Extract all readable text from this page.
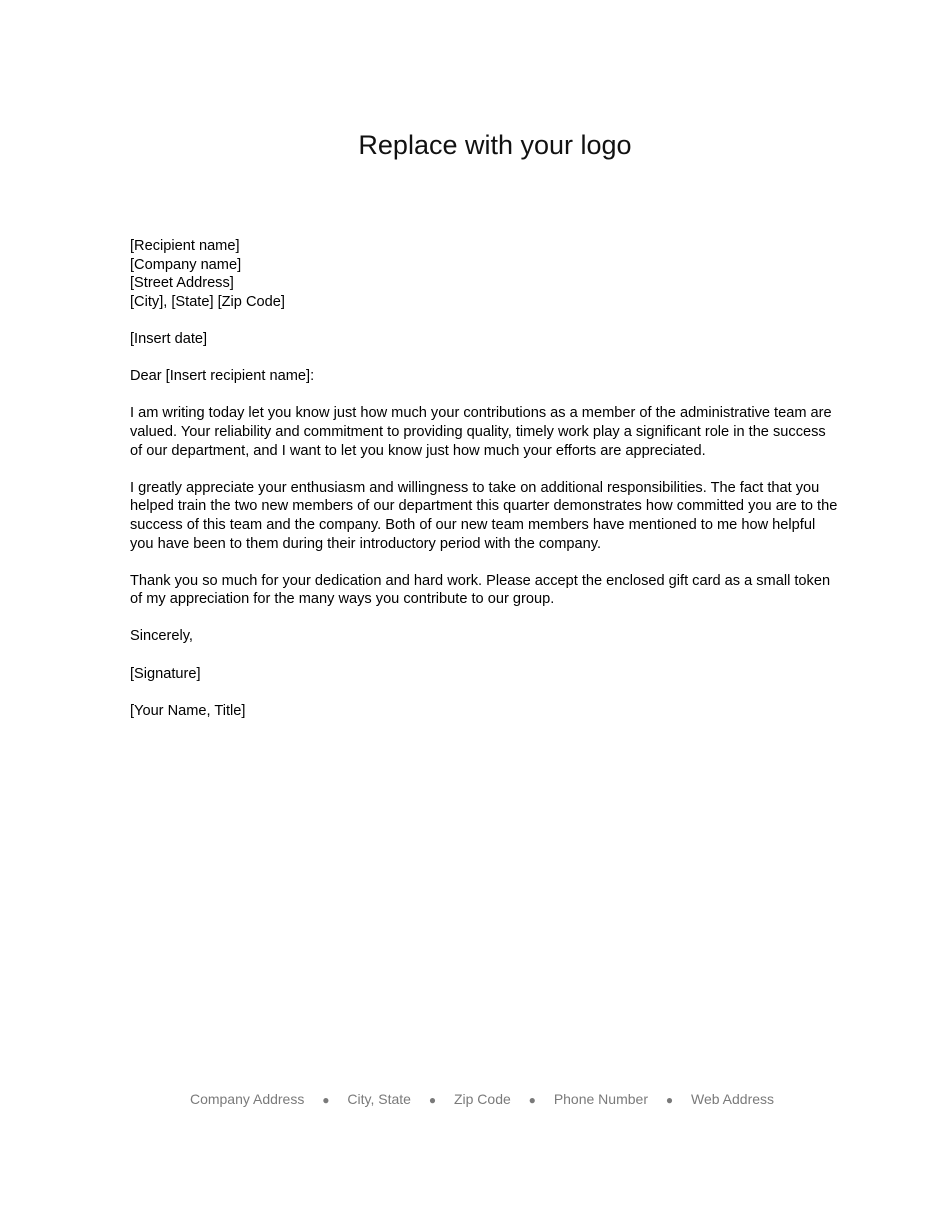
Replace with your logo

[Recipient name]
[Company name]
[Street Address]
[City], [State] [Zip Code]

[Insert date]

Dear [Insert recipient name]:

I am writing today let you know just how much your contributions as a member of the administrative team are valued. Your reliability and commitment to providing quality, timely work play a significant role in the success of our department, and I want to let you know just how much your efforts are appreciated.

I greatly appreciate your enthusiasm and willingness to take on additional responsibilities. The fact that you helped train the two new members of our department this quarter demonstrates how committed you are to the success of this team and the company. Both of our new team members have mentioned to me how helpful you have been to them during their introductory period with the company.

Thank you so much for your dedication and hard work. Please accept the enclosed gift card as a small token of my appreciation for the many ways you contribute to our group.

Sincerely,

[Signature]

[Your Name, Title]

Company Address ● City, State ● Zip Code ● Phone Number ● Web Address
